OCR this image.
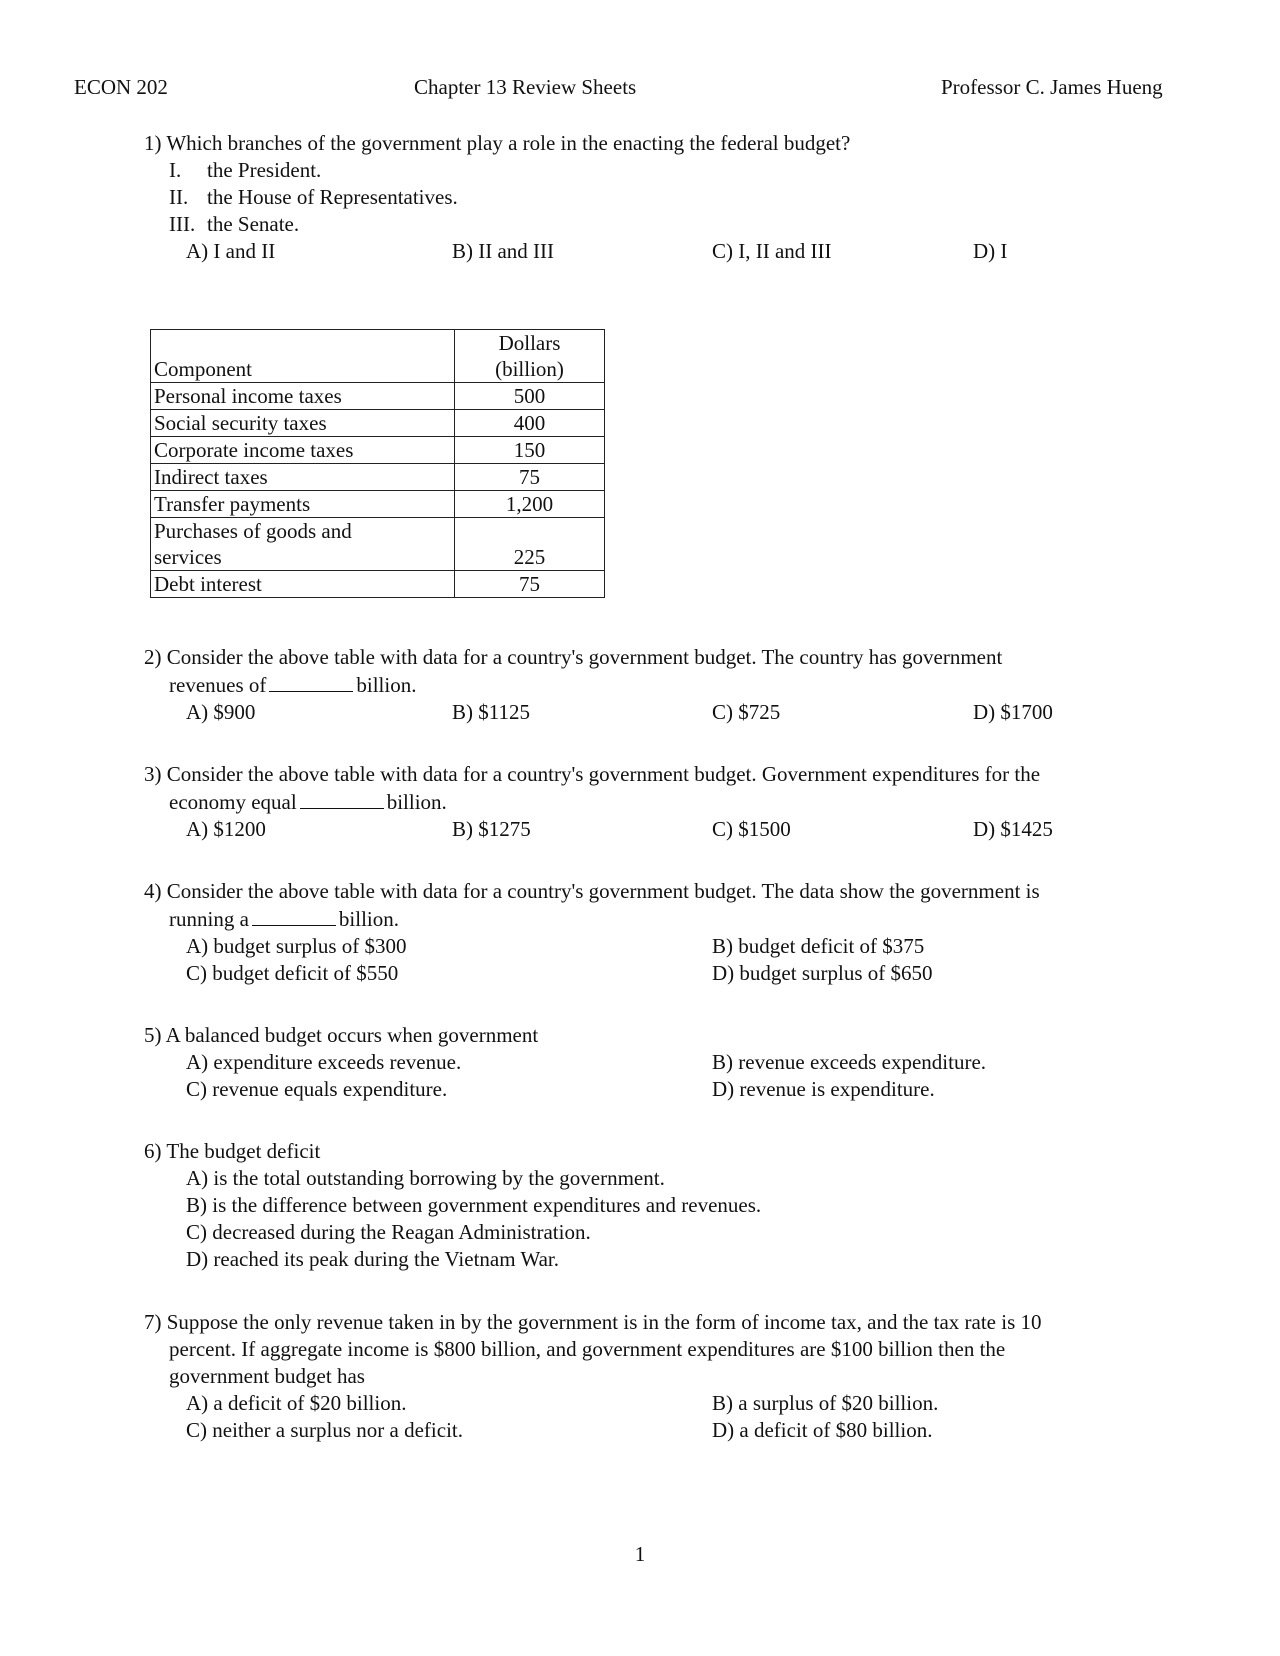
ECON 202	Chapter 13 Review Sheets	Professor C. James Hueng
1) Which branches of the government play a role in the enacting the federal budget?
I. the President.
II. the House of Representatives.
III. the Senate.
A) I and II	B) II and III	C) I, II and III	D) I
Component	Dollars
(billion)

Personal income taxes	500
Social security taxes	400
Corporate income taxes	150
Indirect taxes	75
Transfer payments	1,200

Purchases of goods and
services	225
Debt interest	75
2) Consider the above table with data for a country's government budget. The country has government
revenues of	billion.
A) $900	B) $1125	C) $725	D) $1700
3) Consider the above table with data for a country's government budget. Government expenditures for the
economy equal	billion.
A) $1200	B) $1275	C) $1500	D) $1425
4) Consider the above table with data for a country's government budget. The data show the government is
running a	billion.
A) budget surplus of $300	B) budget deficit of $375
C) budget deficit of $550	D) budget surplus of $650
5) A balanced budget occurs when government
A) expenditure exceeds revenue.	B) revenue exceeds expenditure.
C) revenue equals expenditure.	D) revenue is expenditure.
6) The budget deficit
A) is the total outstanding borrowing by the government.
B) is the difference between government expenditures and revenues.
C) decreased during the Reagan Administration.
D) reached its peak during the Vietnam War.
7) Suppose the only revenue taken in by the government is in the form of income tax, and the tax rate is 10
percent. If aggregate income is $800 billion, and government expenditures are $100 billion then the
government budget has
A) a deficit of $20 billion.	B) a surplus of $20 billion.
C) neither a surplus nor a deficit.	D) a deficit of $80 billion.
1
